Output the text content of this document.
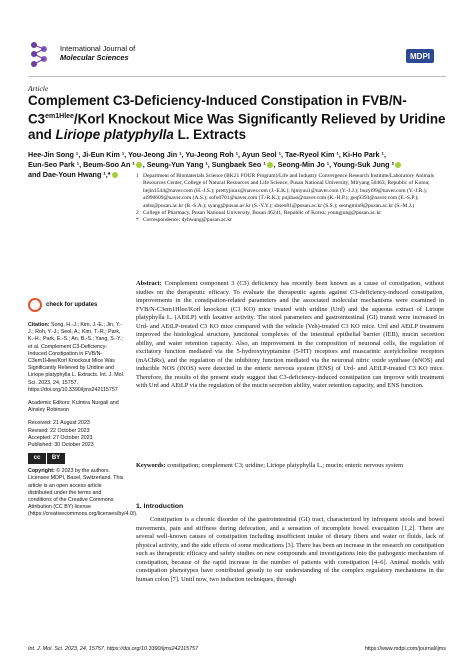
International Journal of
Molecular Sciences	MDPI
Article
Complement C3-Deficiency-Induced Constipation in FVB/$N-C3^{em1Hlee}$/Korl Knockout Mice Was Significantly Relieved by Uridine and Liriope platyphylla L. Extracts
Hee-Jin Song ¹, Ji-Eun Kim ¹, You-Jeong Jin ¹, Yu-Jeong Roh ¹, Ayun Seol ¹, Tae-Ryeol Kim ¹, Ki-Ho Park ¹,
Eun-Seo Park ¹, Beum-Soo An ¹ , Seung-Yun Yang ¹, Sungbaek Seo ¹ , Seong-Min Jo ¹, Young-Suk Jung ²
and Dae-Youn Hwang ¹,*	1 Department of Biomaterials Science (BK21 FOUR Program)/Life and Industry Convergence Research Institute/Laboratory Animals Resources Center, College of Natural Resources and Life Science, Pusan National University, Miryang 50463, Republic of Korea; hejin1544@naver.com (H.-J.S.); prettyjiunx@naver.com (J.-E.K.); hjmyuu1@naver.com (Y.-J.J.); buzyi99@naver.com (Y.-J.R.); ai990609@naver.com (A.S.); sofu0701@naver.com (T.-R.K.); pujihao@naver.com (K.-H.P.); geq9393@naver.com (E.-S.P.); anbs@pusan.ac.kr (B.-S.A.); syang@pusan.ac.kr (S.-Y.Y.); sbseo81@pusan.ac.kr (S.S.); seongmin8@pusan.ac.kr (S.-M.J.)
2 College of Pharmacy, Pusan National University, Busan 46241, Republic of Korea; youngjung@pusan.ac.kr
* Correspondence: dyhwang@pusan.ac.kr
Abstract: Complement component 3 (C3) deficiency has recently been known as a cause of constipation, without studies on the therapeutic efficacy. To evaluate the therapeutic agents against C3-deficiency-induced constipation, improvements in the constipation-related parameters and the associated molecular mechanisms were examined in FVB/N-C3em1Hlee/Korl knockout (C3 KO) mice treated with uridine (Urd) and the aqueous extract of Liriope platyphylla L. (AEtLP) with laxative activity. The stool parameters and gastrointestinal (GI) transit were increased in Urd- and AEtLP-treated C3 KO mice compared with the vehicle (Veh)-treated C3 KO mice. Urd and AEtLP treatment improved the histological structure, junctional complexes of the intestinal epithelial barrier (IEB), mucin secretion ability, and water retention capacity. Also, an improvement in the composition of neuronal cells, the regulation of excitatory function mediated via the 5-hydroxytryptamine (5-HT) receptors and muscarinic acetylcholine receptors (mAChRs), and the regulation of the inhibitory function mediated via the neuronal nitric oxide synthase (nNOS) and inducible NOS (iNOS) were detected in the enteric nervous system (ENS) of Urd- and AEtLP-treated C3 KO mice. Therefore, the results of the present study suggest that C3-deficiency-induced constipation can improve with treatment with Urd and AEtLP via the regulation of the mucin secretion ability, water retention capacity, and ENS function.
Keywords: constipation; complement C3; uridine; Liriope platyphylla L.; mucin; enteric nervous system
check for updates

Citation: Song, H.-J.; Kim, J.-E.; Jin, Y.-J.; Roh, Y.-J.; Seol, A.; Kim, T.-R.; Park, K.-H.; Park, E.-S.; An, B.-S.; Yang, S.-Y.; et al. Complement C3-Deficiency-Induced Constipation in FVB/N-C3em1Hlee/Korl Knockout Mice Was Significantly Relieved by Uridine and Liriope platyphylla L. Extracts. Int. J. Mol. Sci. 2023, 24, 15757. https://doi.org/10.3390/ijms242115757

Academic Editors: Kulmira Nurgali and Ainsley Robinson

Received: 21 August 2023
Revised: 22 October 2023
Accepted: 27 October 2023
Published: 30 October 2023
cc	BY

Copyright: © 2023 by the authors. Licensee MDPI, Basel, Switzerland. This article is an open access article distributed under the terms and conditions of the Creative Commons Attribution (CC BY) license (https://creativecommons.org/licenses/by/4.0/).

1. Introduction
Constipation is a chronic disorder of the gastrointestinal (GI) tract, characterized by infrequent stools and bowel movements, pain and stiffness during defecation, and a sensation of incomplete bowel evacuation [1,2]. There are several well-known causes of constipation including insufficient intake of dietary fibers and water or fluids, lack of physical activity, and the side effects of some medications [3]. There has been an increase in the research on constipation such as therapeutic efficacy and safety studies on new compounds and investigations into the pathogenic mechanism of constipation, because of the rapid increase in the number of patients with constipation [4–6]. Animal models with constipation phenotypes have contributed greatly to our understanding of the complex regulatory mechanisms in the human colon [7]. Until now, two induction techniques, through
Int. J. Mol. Sci. 2023, 24, 15757. https://doi.org/10.3390/ijms242115757	https://www.mdpi.com/journal/ijms
